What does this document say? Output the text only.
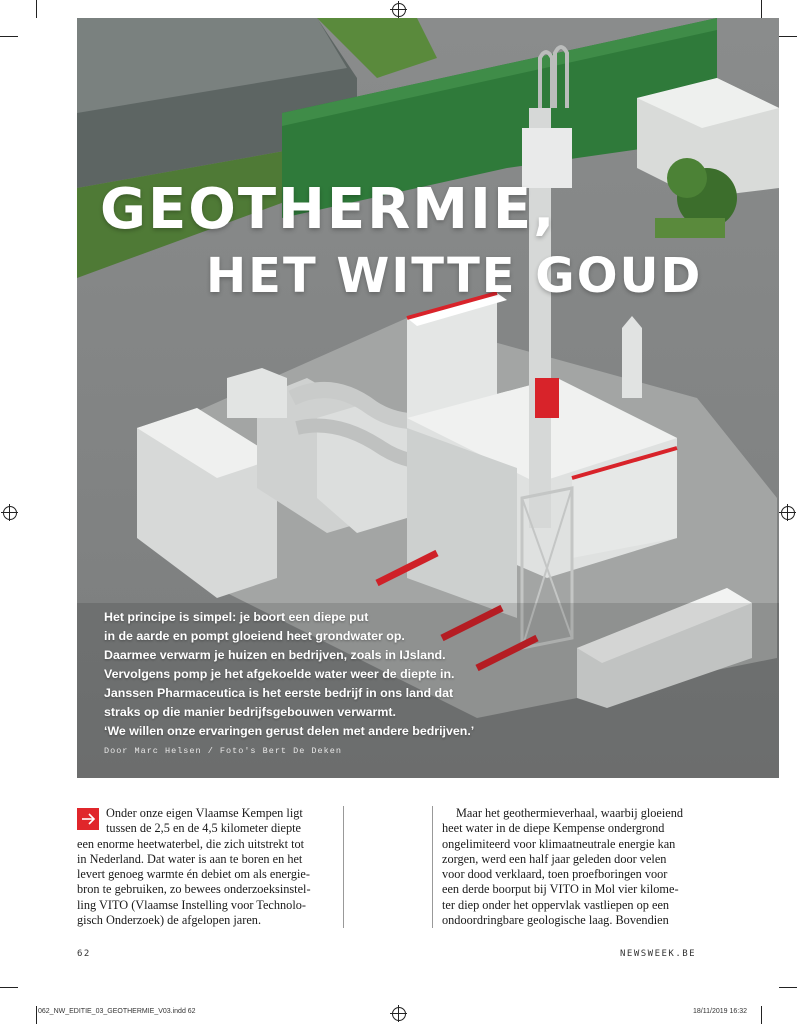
GEOTHERMIE,
HET WITTE GOUD

Het principe is simpel: je boort een diepe put
in de aarde en pompt gloeiend heet grondwater op.
Daarmee verwarm je huizen en bedrijven, zoals in IJsland.
Vervolgens pomp je het afgekoelde water weer de diepte in.
Janssen Pharmaceutica is het eerste bedrijf in ons land dat
straks op die manier bedrijfsgebouwen verwarmt.
‘We willen onze ervaringen gerust delen met andere bedrijven.’

Door Marc Helsen / Foto's Bert De Deken
Onder onze eigen Vlaamse Kempen ligt
tussen de 2,5 en de 4,5 kilometer diepte
een enorme heetwaterbel, die zich uitstrekt tot
in Nederland. Dat water is aan te boren en het
levert genoeg warmte én debiet om als energie-
bron te gebruiken, zo bewees onderzoeksinstel-
ling VITO (Vlaamse Instelling voor Technolo-
gisch Onderzoek) de afgelopen jaren.
Maar het geothermieverhaal, waarbij gloeiend
heet water in de diepe Kempense ondergrond
ongelimiteerd voor klimaatneutrale energie kan
zorgen, werd een half jaar geleden door velen
voor dood verklaard, toen proefboringen voor
een derde boorput bij VITO in Mol vier kilome-
ter diep onder het oppervlak vastliepen op een
ondoordringbare geologische laag. Bovendien
62	NEWSWEEK.BE
062_NW_EDITIE_03_GEOTHERMIE_V03.indd 62	18/11/2019 16:32
